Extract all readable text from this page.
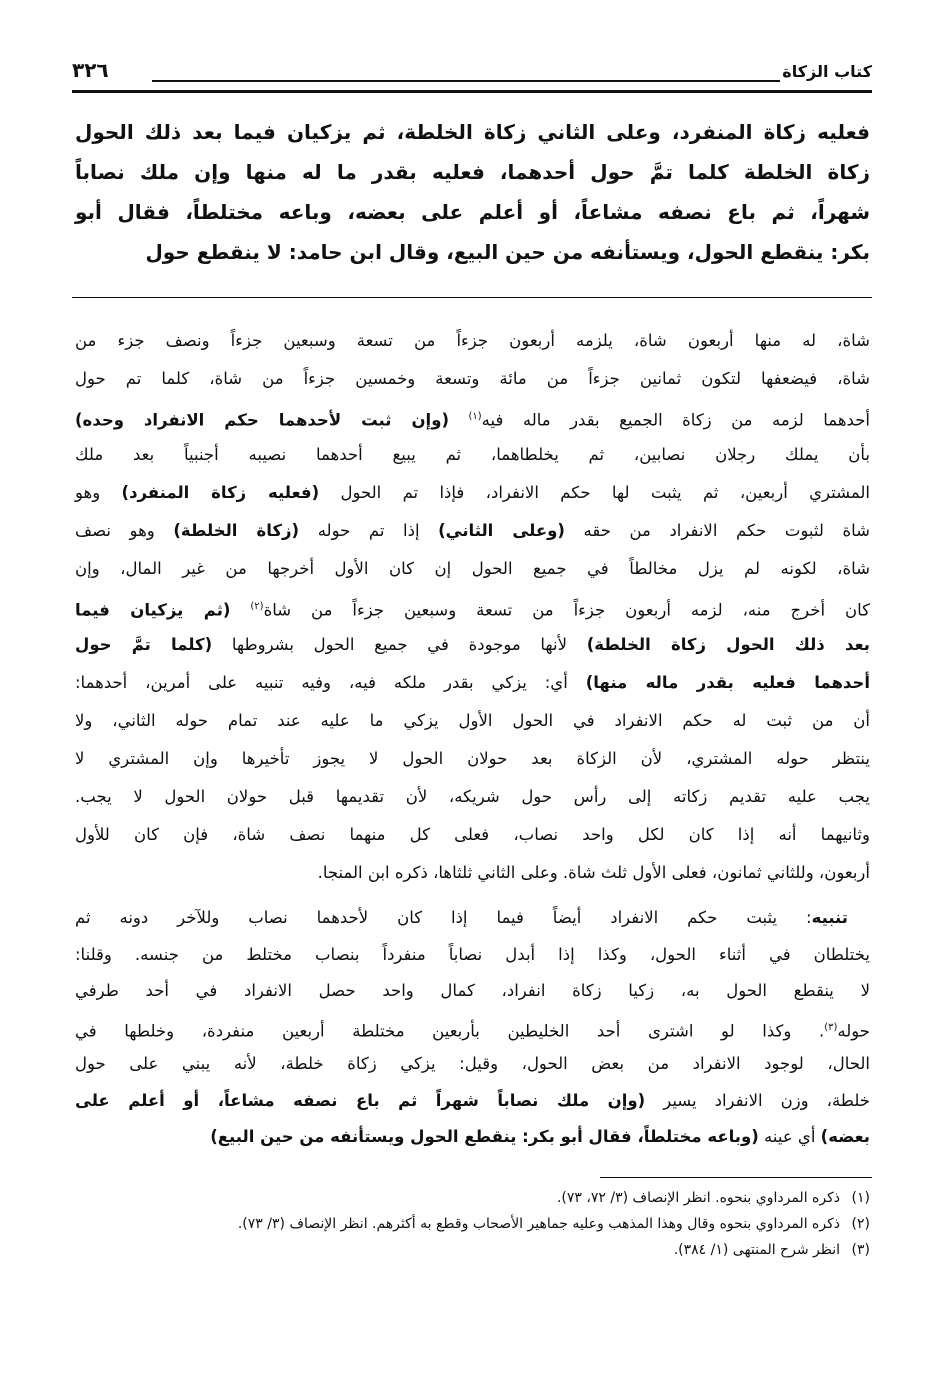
كتاب الزكاة
٣٢٦
فعليه زكاة المنفرد، وعلى الثاني زكاة الخلطة، ثم يزكيان فيما بعد ذلك الحول
زكاة الخلطة كلما تمَّ حول أحدهما، فعليه بقدر ما له منها وإن ملك نصاباً
شهراً، ثم باع نصفه مشاعاً، أو أعلم على بعضه، وباعه مختلطاً، فقال أبو
بكر: ينقطع الحول، ويستأنفه من حين البيع، وقال ابن حامد: لا ينقطع حول
شاة، له منها أربعون شاة، يلزمه أربعون جزءاً من تسعة وسبعين جزءاً ونصف جزء من
شاة، فيضعفها لتكون ثمانين جزءاً من مائة وتسعة وخمسين جزءاً من شاة، كلما تم حول
أحدهما لزمه من زكاة الجميع بقدر ماله فيه$^{(١)}$ (وإن ثبت لأحدهما حكم الانفراد وحده)
بأن يملك رجلان نصابين، ثم يخلطاهما، ثم يبيع أحدهما نصيبه أجنبياً بعد ملك
المشتري أربعين، ثم يثبت لها حكم الانفراد، فإذا تم الحول (فعليه زكاة المنفرد) وهو
شاة لثبوت حكم الانفراد من حقه (وعلى الثاني) إذا تم حوله (زكاة الخلطة) وهو نصف
شاة، لكونه لم يزل مخالطاً في جميع الحول إن كان الأول أخرجها من غير المال، وإن
كان أخرج منه، لزمه أربعون جزءاً من تسعة وسبعين جزءاً من شاة$^{(٢)}$ (ثم يزكيان فيما
بعد ذلك الحول زكاة الخلطة) لأنها موجودة في جميع الحول بشروطها (كلما تمَّ حول
أحدهما فعليه بقدر ماله منها) أي: يزكي بقدر ملكه فيه، وفيه تنبيه على أمرين، أحدهما:
أن من ثبت له حكم الانفراد في الحول الأول يزكي ما عليه عند تمام حوله الثاني، ولا
ينتظر حوله المشتري، لأن الزكاة بعد حولان الحول لا يجوز تأخيرها وإن المشتري لا
يجب عليه تقديم زكاته إلى رأس حول شريكه، لأن تقديمها قبل حولان الحول لا يجب.
وثانيهما أنه إذا كان لكل واحد نصاب، فعلى كل منهما نصف شاة، فإن كان للأول
أربعون، وللثاني ثمانون، فعلى الأول ثلث شاة. وعلى الثاني ثلثاها، ذكره ابن المنجا.
تنبيه: يثبت حكم الانفراد أيضاً فيما إذا كان لأحدهما نصاب وللآخر دونه ثم
يختلطان في أثناء الحول، وكذا إذا أبدل نصاباً منفرداً بنصاب مختلط من جنسه. وقلنا:
لا ينقطع الحول به، زكيا زكاة انفراد، كمال واحد حصل الانفراد في أحد طرفي
حوله$^{(٣)}$. وكذا لو اشترى أحد الخليطين بأربعين مختلطة أربعين منفردة، وخلطها في
الحال، لوجود الانفراد من بعض الحول، وقيل: يزكي زكاة خلطة، لأنه يبني على حول
خلطة، وزن الانفراد يسير (وإن ملك نصاباً شهراً ثم باع نصفه مشاعاً، أو أعلم على
بعضه) أي عينه (وباعه مختلطاً، فقال أبو بكر: ينقطع الحول ويستأنفه من حين البيع)
(١)
ذكره المرداوي بنحوه. انظر الإنصاف (٣/ ٧٢، ٧٣).
(٢)
ذكره المرداوي بنحوه وقال وهذا المذهب وعليه جماهير الأصحاب وقطع به أكثرهم. انظر الإنصاف (٣/ ٧٣).
(٣)
انظر شرح المنتهى (١/ ٣٨٤).
